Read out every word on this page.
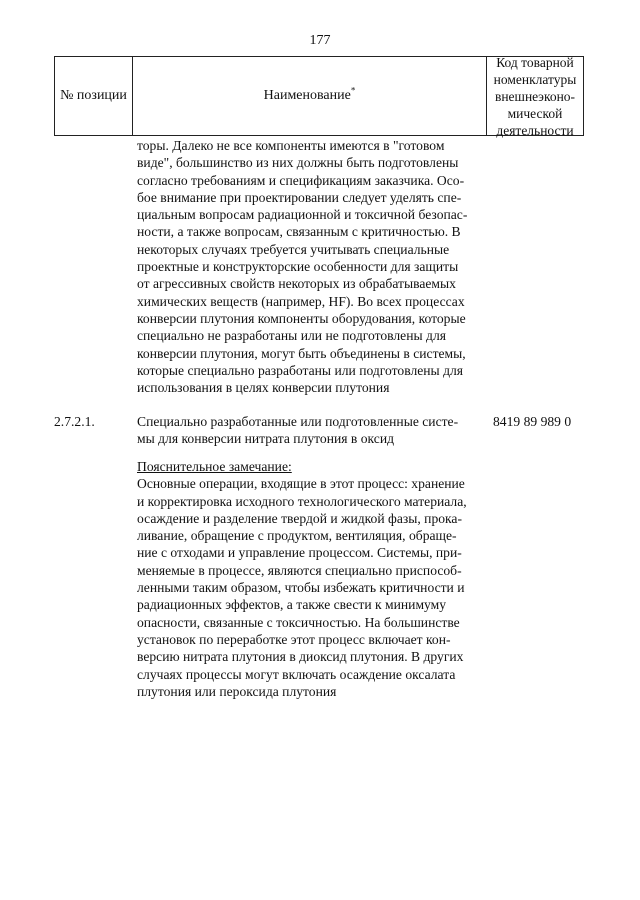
177
№ позиции	Наименование*
Код товарной
номенклатуры
внешнеэконо-
мической
деятельности
торы. Далеко не все компоненты имеются в "готовом
виде", большинство из них должны быть подготовлены
согласно требованиям и спецификациям заказчика. Осо-
бое внимание при проектировании следует уделять спе-
циальным вопросам радиационной и токсичной безопас-
ности, а также вопросам, связанным с критичностью. В
некоторых случаях требуется учитывать специальные
проектные и конструкторские особенности для защиты
от агрессивных свойств некоторых из обрабатываемых
химических веществ (например, HF). Во всех процессах
конверсии плутония компоненты оборудования, которые
специально не разработаны или не подготовлены для
конверсии плутония, могут быть объединены в системы,
которые специально разработаны или подготовлены для
использования в целях конверсии плутония
2.7.2.1.	Специально разработанные или подготовленные систе-
мы для конверсии нитрата плутония в оксид
8419 89 989 0
Пояснительное замечание:
Основные операции, входящие в этот процесс: хранение
и корректировка исходного технологического материала,
осаждение и разделение твердой и жидкой фазы, прока-
ливание, обращение с продуктом, вентиляция, обраще-
ние с отходами и управление процессом. Системы, при-
меняемые в процессе, являются специально приспособ-
ленными таким образом, чтобы избежать критичности и
радиационных эффектов, а также свести к минимуму
опасности, связанные с токсичностью. На большинстве
установок по переработке этот процесс включает кон-
версию нитрата плутония в диоксид плутония. В других
случаях процессы могут включать осаждение оксалата
плутония или пероксида плутония
